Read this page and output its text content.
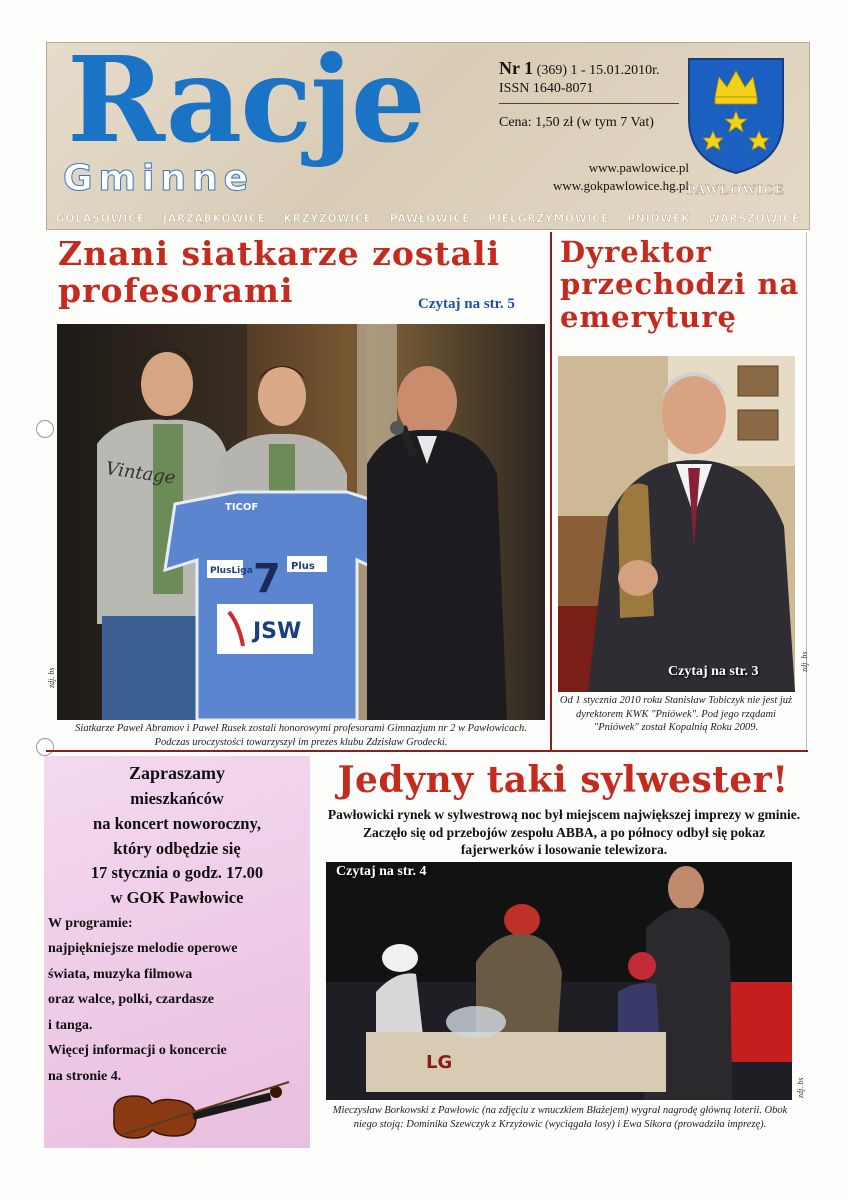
Racje
Gminne
Nr 1 (369) 1 - 15.01.2010r.
ISSN 1640-8071
Cena: 1,50 zł (w tym 7 Vat)
www.pawlowice.pl
www.gokpawlowice.hg.pl
PAWŁOWICE
GOLASOWICE JARZĄBKOWICE KRZYŻOWICE PAWŁOWICE PIELGRZYMOWICE PNIÓWEK WARSZOWICE
Znani siatkarze zostali profesorami	Czytaj na str. 5
TICOF
7
PlusLiga	Plus
JSW
Vintage
zdj. bs
Siatkarze Paweł Abramov i Paweł Rusek zostali honorowymi profesorami Gimnazjum nr 2 w Pawłowicach. Podczas uroczystości towarzyszył im prezes klubu Zdzisław Grodecki.
Dyrektor przechodzi na emeryturę
Czytaj na str. 3	zdj. bs
Od 1 stycznia 2010 roku Stanisław Tobiczyk nie jest już dyrektorem KWK "Pniówek". Pod jego rządami "Pniówek" został Kopalnią Roku 2009.
Zapraszamy
mieszkańców
na koncert noworoczny,
który odbędzie się
17 stycznia o godz. 17.00
w GOK Pawłowice
W programie:
najpiękniejsze melodie operowe
świata, muzyka filmowa
oraz walce, polki, czardasze
i tanga.
Więcej informacji o koncercie
na stronie 4.
Jedyny taki sylwester!
Pawłowicki rynek w sylwestrową noc był miejscem największej imprezy w gminie. Zaczęło się od przebojów zespołu ABBA, a po północy odbył się pokaz fajerwerków i losowanie telewizora.
LG
Czytaj na str. 4
zdj. bs
Mieczysław Borkowski z Pawłowic (na zdjęciu z wnuczkiem Błażejem) wygrał nagrodę główną loterii. Obok niego stoją: Dominika Szewczyk z Krzyżowic (wyciągała losy) i Ewa Sikora (prowadziła imprezę).
